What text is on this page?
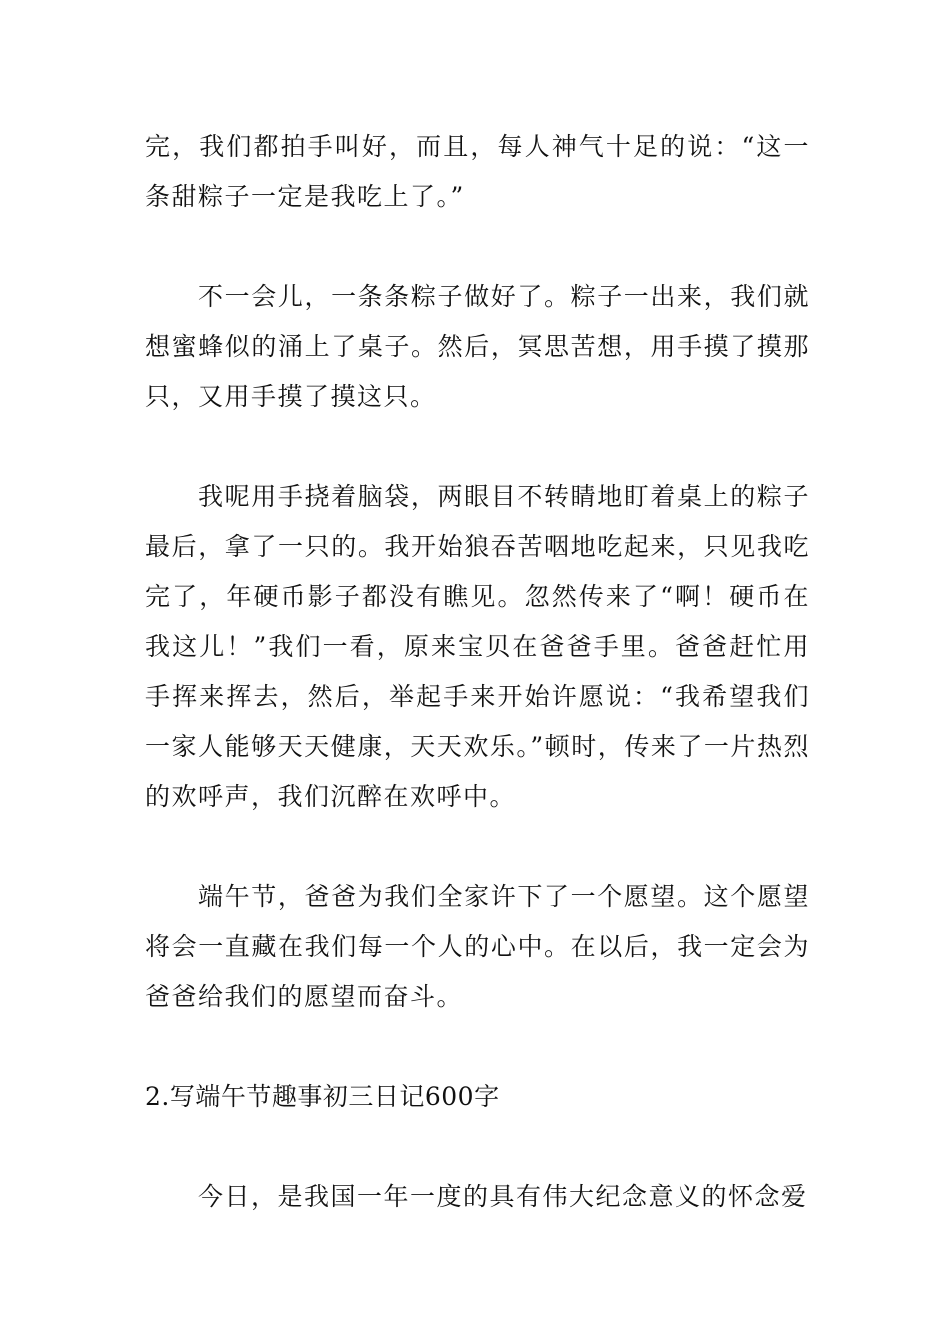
完，我们都拍手叫好，而且，每人神气十足的说：“这一条甜粽子一定是我吃上了。”

不一会儿，一条条粽子做好了。粽子一出来，我们就想蜜蜂似的涌上了桌子。然后，冥思苦想，用手摸了摸那只，又用手摸了摸这只。

我呢用手挠着脑袋，两眼目不转睛地盯着桌上的粽子最后，拿了一只的。我开始狼吞苦咽地吃起来，只见我吃完了，年硬币影子都没有瞧见。忽然传来了“啊！硬币在我这儿！”我们一看，原来宝贝在爸爸手里。爸爸赶忙用手挥来挥去，然后，举起手来开始许愿说：“我希望我们一家人能够天天健康，天天欢乐。”顿时，传来了一片热烈的欢呼声，我们沉醉在欢呼中。

端午节，爸爸为我们全家许下了一个愿望。这个愿望将会一直藏在我们每一个人的心中。在以后，我一定会为爸爸给我们的愿望而奋斗。

2.写端午节趣事初三日记600字

今日，是我国一年一度的具有伟大纪念意义的怀念爱
